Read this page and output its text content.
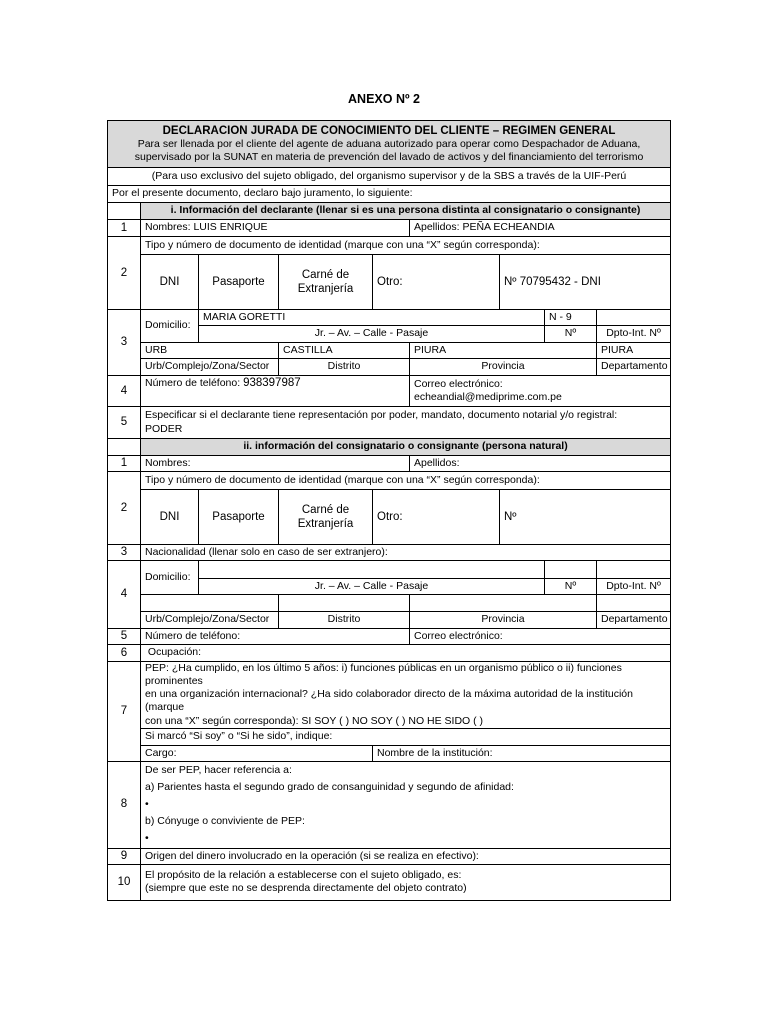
ANEXO Nº 2
DECLARACION JURADA DE CONOCIMIENTO DEL CLIENTE – REGIMEN GENERAL
Para ser llenada por el cliente del agente de aduana autorizado para operar como Despachador de Aduana,
supervisado por la SUNAT en materia de prevención del lavado de activos y del financiamiento del terrorismo								

(Para uso exclusivo del sujeto obligado, del organismo supervisor y de la SBS a través de la UIF-Perú								
Por el presente documento, declaro bajo juramento, lo siguiente:								
	i. Información del declarante (llenar si es una persona distinta al consignatario o consignante)							
1	Nombres: LUIS ENRIQUE				Apellidos: PEÑA ECHEANDIA			
2	Tipo y número de documento de identidad (marque con una “X” según corresponda):							
	DNI	Pasaporte	Carné de Extranjería	Otro:		Nº 70795432 - DNI		
3	Domicilio:	MARIA GORETTI					N - 9	
		Jr. – Av. – Calle - Pasaje					Nº	Dpto-Int. Nº
	URB		CASTILLA		PIURA			PIURA
	Urb/Complejo/Zona/Sector		Distrito		Provincia			Departamento
4	Número de teléfono: 938397987				Correo electrónico:
echeandial@mediprime.com.pe			

5	Especificar si el declarante tiene representación por poder, mandato, documento notarial y/o registral:
PODER							

	ii. información del consignatario o consignante (persona natural)							
1	Nombres:				Apellidos:			
2	Tipo y número de documento de identidad (marque con una “X” según corresponda):							
	DNI	Pasaporte	Carné de Extranjería	Otro:		Nº		
3	Nacionalidad (llenar solo en caso de ser extranjero):							
4	Domicilio:							
		Jr. – Av. – Calle - Pasaje					Nº	Dpto-Int. Nº

	Urb/Complejo/Zona/Sector		Distrito		Provincia			Departamento
5	Número de teléfono:				Correo electrónico:			
6	Ocupación:							
7	PEP: ¿Ha cumplido, en los último 5 años: i) funciones públicas en un organismo público o ii) funciones prominentes
en una organización internacional? ¿Ha sido colaborador directo de la máxima autoridad de la institución (marque
con una “X” según corresponda): SI SOY ( ) NO SOY ( ) NO HE SIDO ( )							

	Si marcó “Si soy” o “Si he sido”, indique:							
	Cargo:			Nombre de la institución:				
8	De ser PEP, hacer referencia a:
a) Parientes hasta el segundo grado de consanguinidad y segundo de afinidad:
•
b) Cónyuge o conviviente de PEP:
•							

9	Origen del dinero involucrado en la operación (si se realiza en efectivo):							
10	El propósito de la relación a establecerse con el sujeto obligado, es:
(siempre que este no se desprenda directamente del objeto contrato)							
